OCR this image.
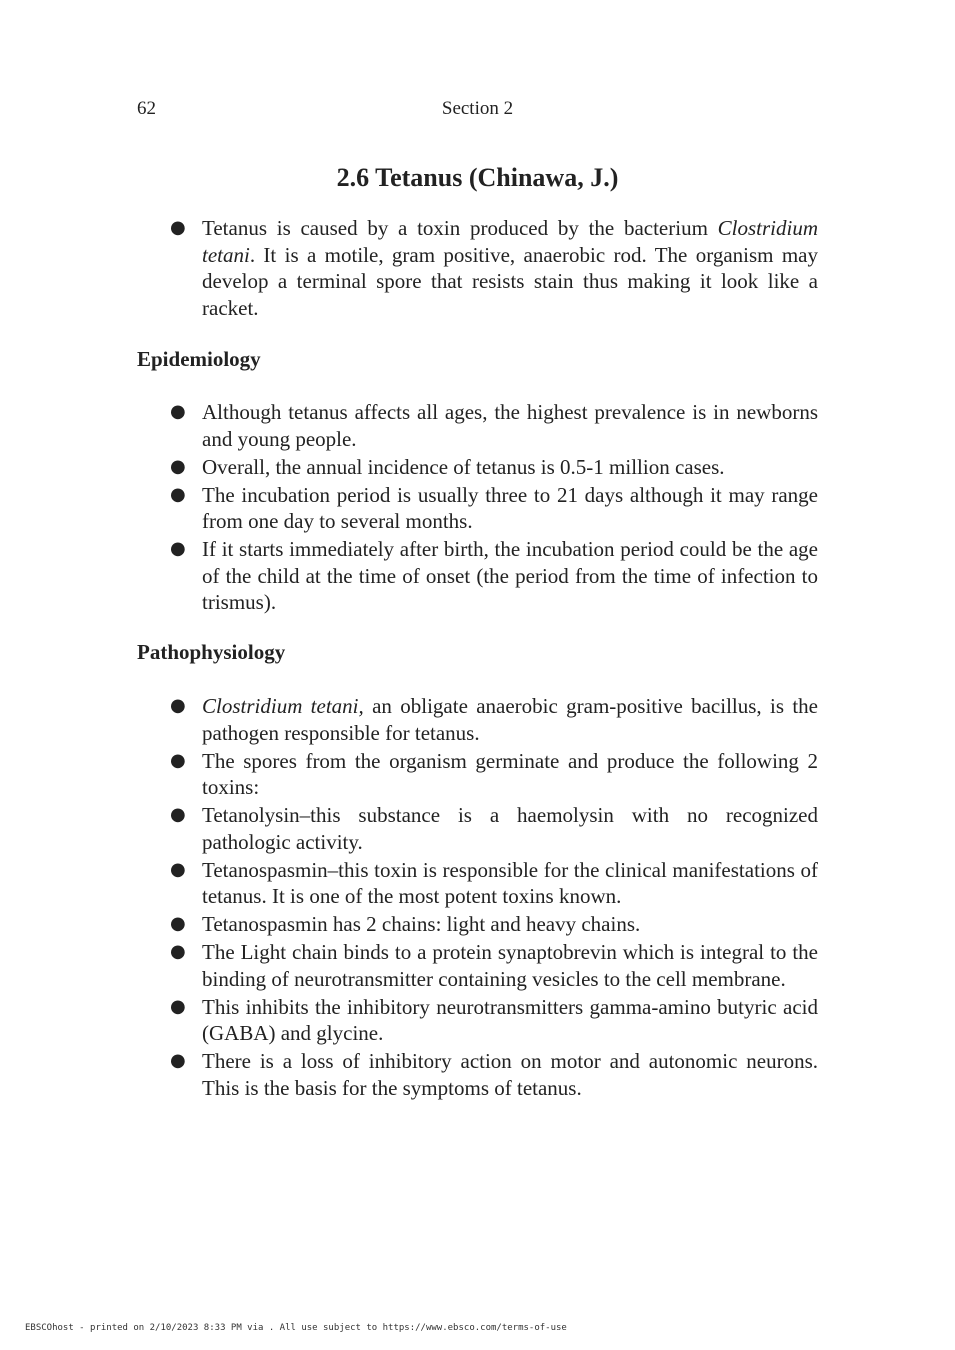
62	Section 2
2.6 Tetanus (Chinawa, J.)
● Tetanus is caused by a toxin produced by the bacterium Clostridium tetani. It is a motile, gram positive, anaerobic rod. The organism may develop a terminal spore that resists stain thus making it look like a racket.
Epidemiology
● Although tetanus affects all ages, the highest prevalence is in newborns and young people.
● Overall, the annual incidence of tetanus is 0.5-1 million cases.
● The incubation period is usually three to 21 days although it may range from one day to several months.
● If it starts immediately after birth, the incubation period could be the age of the child at the time of onset (the period from the time of infection to trismus).
Pathophysiology
● Clostridium tetani, an obligate anaerobic gram-positive bacillus, is the pathogen responsible for tetanus.
● The spores from the organism germinate and produce the following 2 toxins:
● Tetanolysin–this substance is a haemolysin with no recognized pathologic activity.
● Tetanospasmin–this toxin is responsible for the clinical manifestations of tetanus. It is one of the most potent toxins known.
● Tetanospasmin has 2 chains: light and heavy chains.
● The Light chain binds to a protein synaptobrevin which is integral to the binding of neurotransmitter containing vesicles to the cell membrane.
● This inhibits the inhibitory neurotransmitters gamma-amino butyric acid (GABA) and glycine.
● There is a loss of inhibitory action on motor and autonomic neurons. This is the basis for the symptoms of tetanus.
EBSCOhost - printed on 2/10/2023 8:33 PM via . All use subject to https://www.ebsco.com/terms-of-use
